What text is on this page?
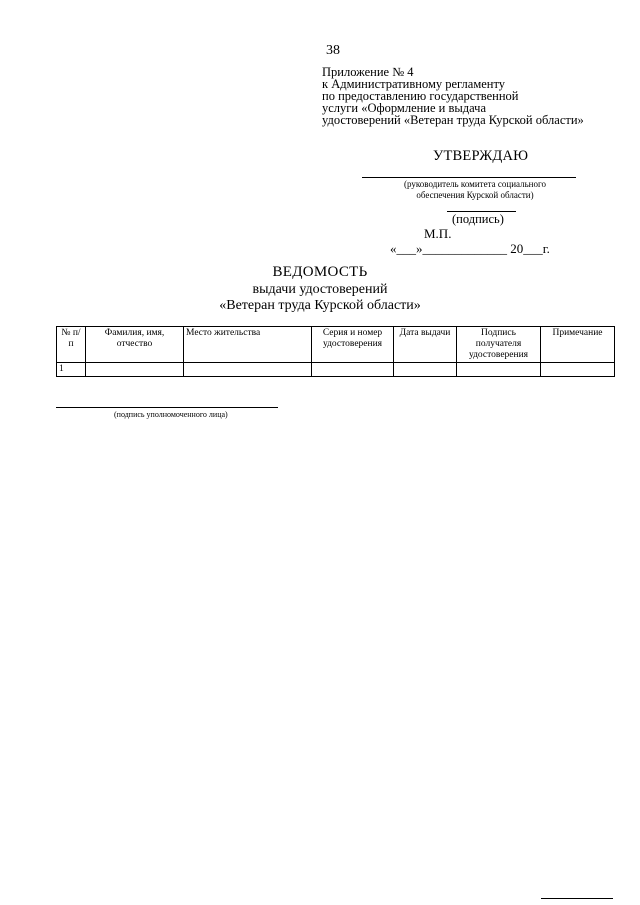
38
Приложение № 4
к Административному регламенту
по предоставлению государственной
услуги «Оформление и выдача
удостоверений «Ветеран труда Курской области»
УТВЕРЖДАЮ
(руководитель комитета социального обеспечения Курской области)
(подпись)
М.П.
«___»_____________ 20___г.
ВЕДОМОСТЬ
выдачи удостоверений
«Ветеран труда Курской области»
№ п/п	Фамилия, имя, отчество	Место жительства	Серия и номер удостоверения	Дата выдачи	Подпись получателя удостоверения	Примечание
1						
(подпись уполномоченного лица)
